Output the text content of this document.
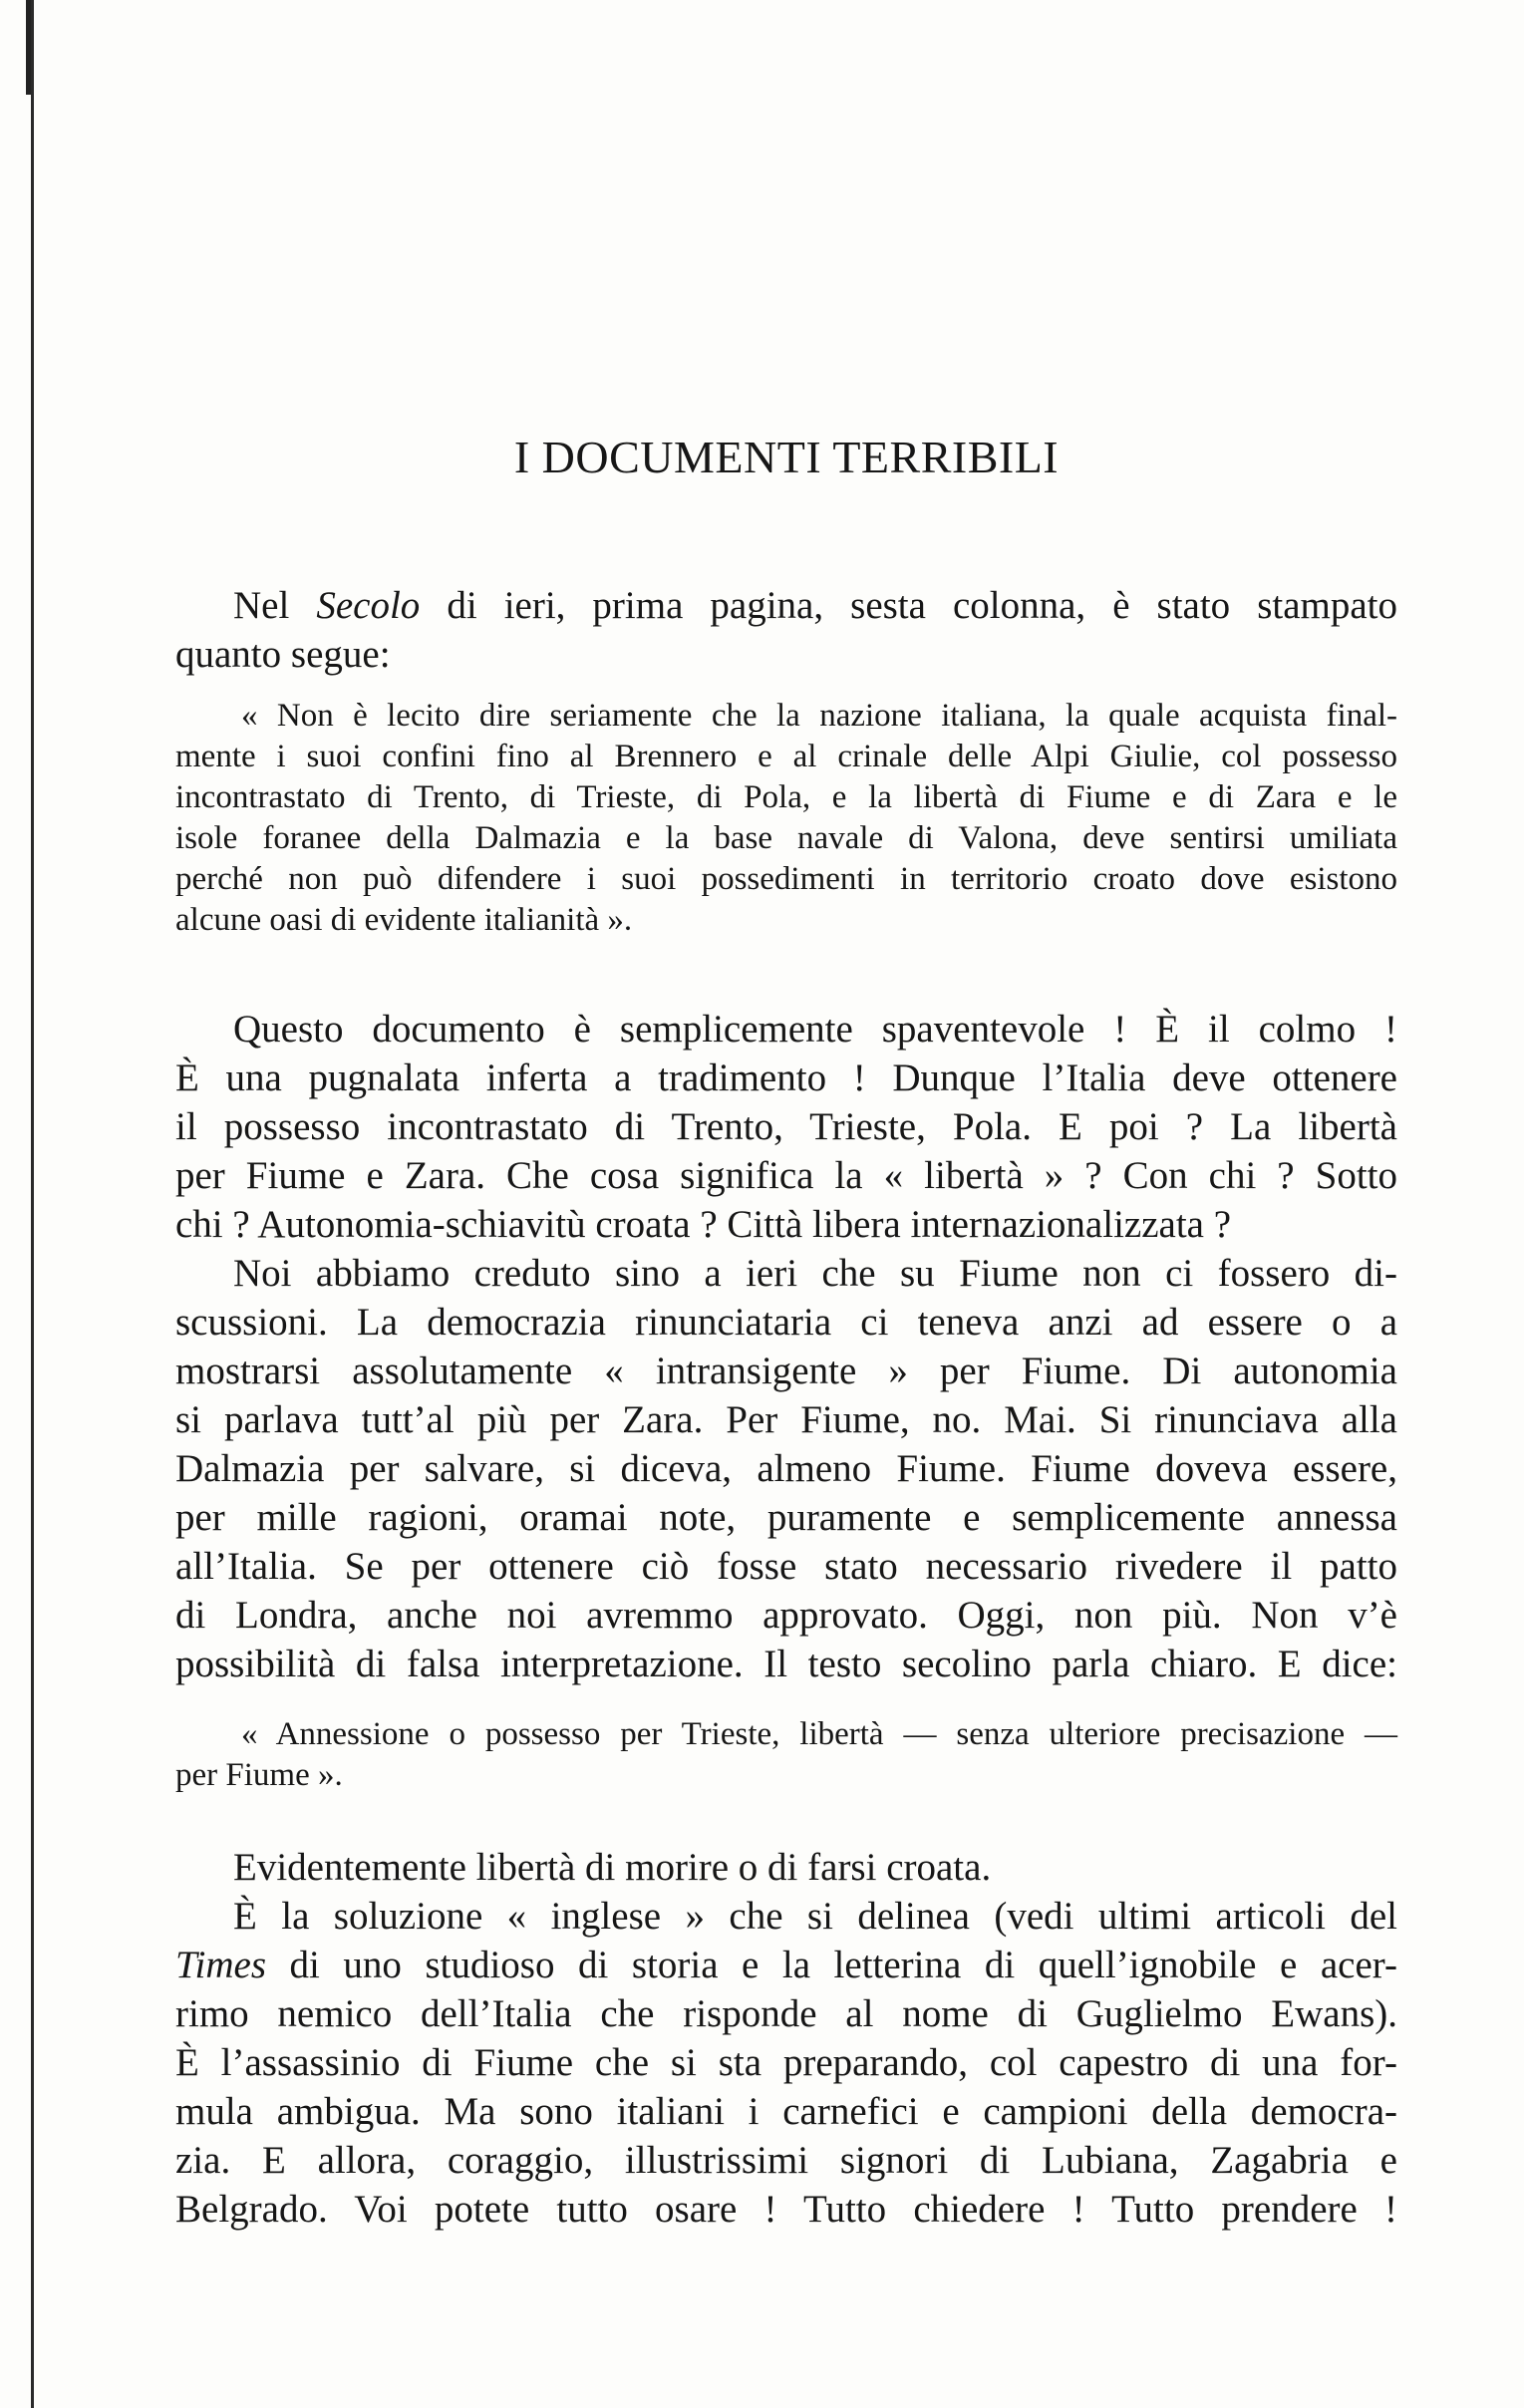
I DOCUMENTI TERRIBILI
Nel Secolo di ieri, prima pagina, sesta colonna, è stato stampato
quanto segue:
« Non è lecito dire seriamente che la nazione italiana, la quale acquista final-
mente i suoi confini fino al Brennero e al crinale delle Alpi Giulie, col possesso
incontrastato di Trento, di Trieste, di Pola, e la libertà di Fiume e di Zara e le
isole foranee della Dalmazia e la base navale di Valona, deve sentirsi umiliata
perché non può difendere i suoi possedimenti in territorio croato dove esistono
alcune oasi di evidente italianità ».
Questo documento è semplicemente spaventevole ! È il colmo !
È una pugnalata inferta a tradimento ! Dunque l’Italia deve ottenere
il possesso incontrastato di Trento, Trieste, Pola. E poi ? La libertà
per Fiume e Zara. Che cosa significa la « libertà » ? Con chi ? Sotto
chi ? Autonomia-schiavitù croata ? Città libera internazionalizzata ?
Noi abbiamo creduto sino a ieri che su Fiume non ci fossero di-
scussioni. La democrazia rinunciataria ci teneva anzi ad essere o a
mostrarsi assolutamente « intransigente » per Fiume. Di autonomia
si parlava tutt’al più per Zara. Per Fiume, no. Mai. Si rinunciava alla
Dalmazia per salvare, si diceva, almeno Fiume. Fiume doveva essere,
per mille ragioni, oramai note, puramente e semplicemente annessa
all’Italia. Se per ottenere ciò fosse stato necessario rivedere il patto
di Londra, anche noi avremmo approvato. Oggi, non più. Non v’è
possibilità di falsa interpretazione. Il testo secolino parla chiaro. E dice:
« Annessione o possesso per Trieste, libertà — senza ulteriore precisazione —
per Fiume ».
Evidentemente libertà di morire o di farsi croata.
È la soluzione « inglese » che si delinea (vedi ultimi articoli del
Times di uno studioso di storia e la letterina di quell’ignobile e acer-
rimo nemico dell’Italia che risponde al nome di Guglielmo Ewans).
È l’assassinio di Fiume che si sta preparando, col capestro di una for-
mula ambigua. Ma sono italiani i carnefici e campioni della democra-
zia. E allora, coraggio, illustrissimi signori di Lubiana, Zagabria e
Belgrado. Voi potete tutto osare ! Tutto chiedere ! Tutto prendere !
